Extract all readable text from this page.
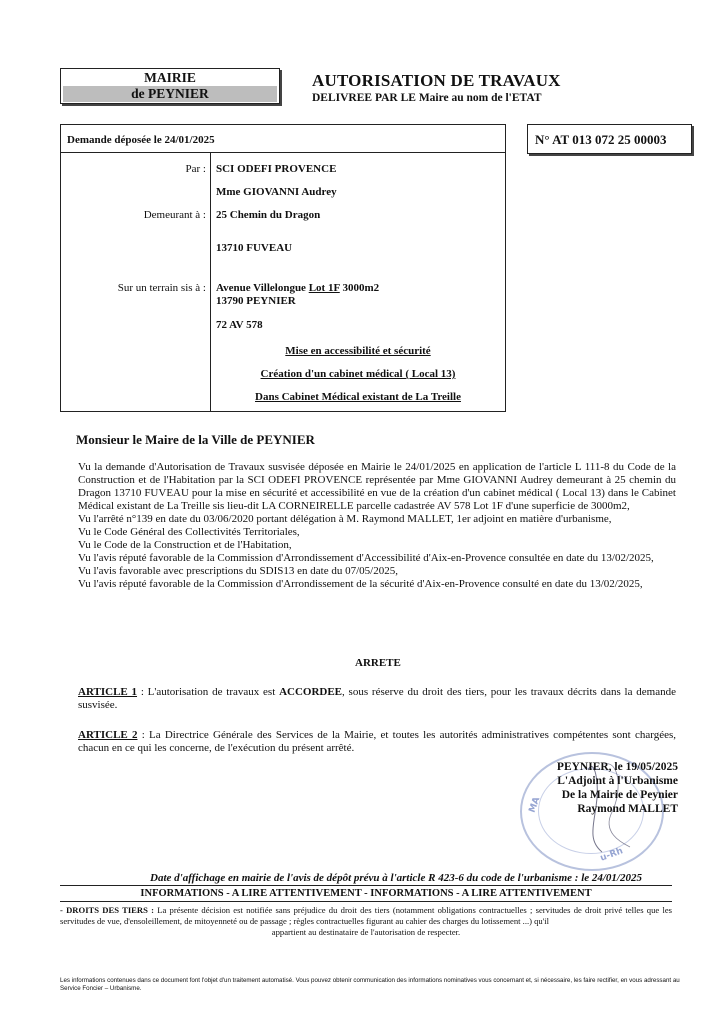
MAIRIE
de PEYNIER
AUTORISATION DE TRAVAUX
DELIVREE PAR LE Maire au nom de l'ETAT
Demande déposée le 24/01/2025	N° AT 013 072 25 00003
Par : SCI ODEFI PROVENCE
Mme GIOVANNI Audrey
Demeurant à : 25 Chemin du Dragon
13710 FUVEAU
Sur un terrain sis à : Avenue Villelongue Lot 1F 3000m2
13790 PEYNIER
72 AV 578
Mise en accessibilité et sécurité
Création d'un cabinet médical ( Local 13)
Dans Cabinet Médical existant de La Treille
Monsieur le Maire de la Ville de PEYNIER
Vu la demande d'Autorisation de Travaux susvisée déposée en Mairie le 24/01/2025 en application de l'article L 111-8 du Code de la Construction et de l'Habitation par la SCI ODEFI PROVENCE représentée par Mme GIOVANNI Audrey demeurant à 25 chemin du Dragon 13710 FUVEAU pour la mise en sécurité et accessibilité en vue de la création d'un cabinet médical ( Local 13) dans le Cabinet Médical existant de La Treille sis lieu-dit LA CORNEIRELLE parcelle cadastrée AV 578 Lot 1F d'une superficie de 3000m2,
Vu l'arrêté n°139 en date du 03/06/2020 portant délégation à M. Raymond MALLET, 1er adjoint en matière d'urbanisme,
Vu le Code Général des Collectivités Territoriales,
Vu le Code de la Construction et de l'Habitation,
Vu l'avis réputé favorable de la Commission d'Arrondissement d'Accessibilité d'Aix-en-Provence consultée en date du 13/02/2025,
Vu l'avis favorable avec prescriptions du SDIS13 en date du 07/05/2025,
Vu l'avis réputé favorable de la Commission d'Arrondissement de la sécurité d'Aix-en-Provence consulté en date du 13/02/2025,
ARRETE
ARTICLE 1 : L'autorisation de travaux est ACCORDEE, sous réserve du droit des tiers, pour les travaux décrits dans la demande susvisée.
ARTICLE 2 : La Directrice Générale des Services de la Mairie, et toutes les autorités administratives compétentes sont chargées, chacun en ce qui les concerne, de l'exécution du présent arrêté.
MA
u-Rh
PEYNIER, le 19/05/2025
L'Adjoint à l'Urbanisme
De la Mairie de Peynier
Raymond MALLET
Date d'affichage en mairie de l'avis de dépôt prévu à l'article R 423-6 du code de l'urbanisme : le 24/01/2025
INFORMATIONS - A LIRE ATTENTIVEMENT - INFORMATIONS - A LIRE ATTENTIVEMENT
- DROITS DES TIERS : La présente décision est notifiée sans préjudice du droit des tiers (notamment obligations contractuelles ; servitudes de droit privé telles que les servitudes de vue, d'ensoleillement, de mitoyenneté ou de passage ; règles contractuelles figurant au cahier des charges du lotissement ...) qu'il
appartient au destinataire de l'autorisation de respecter.
Les informations contenues dans ce document font l'objet d'un traitement automatisé. Vous pouvez obtenir communication des informations nominatives vous concernant et, si nécessaire, les faire rectifier, en vous adressant au Service Foncier – Urbanisme.
